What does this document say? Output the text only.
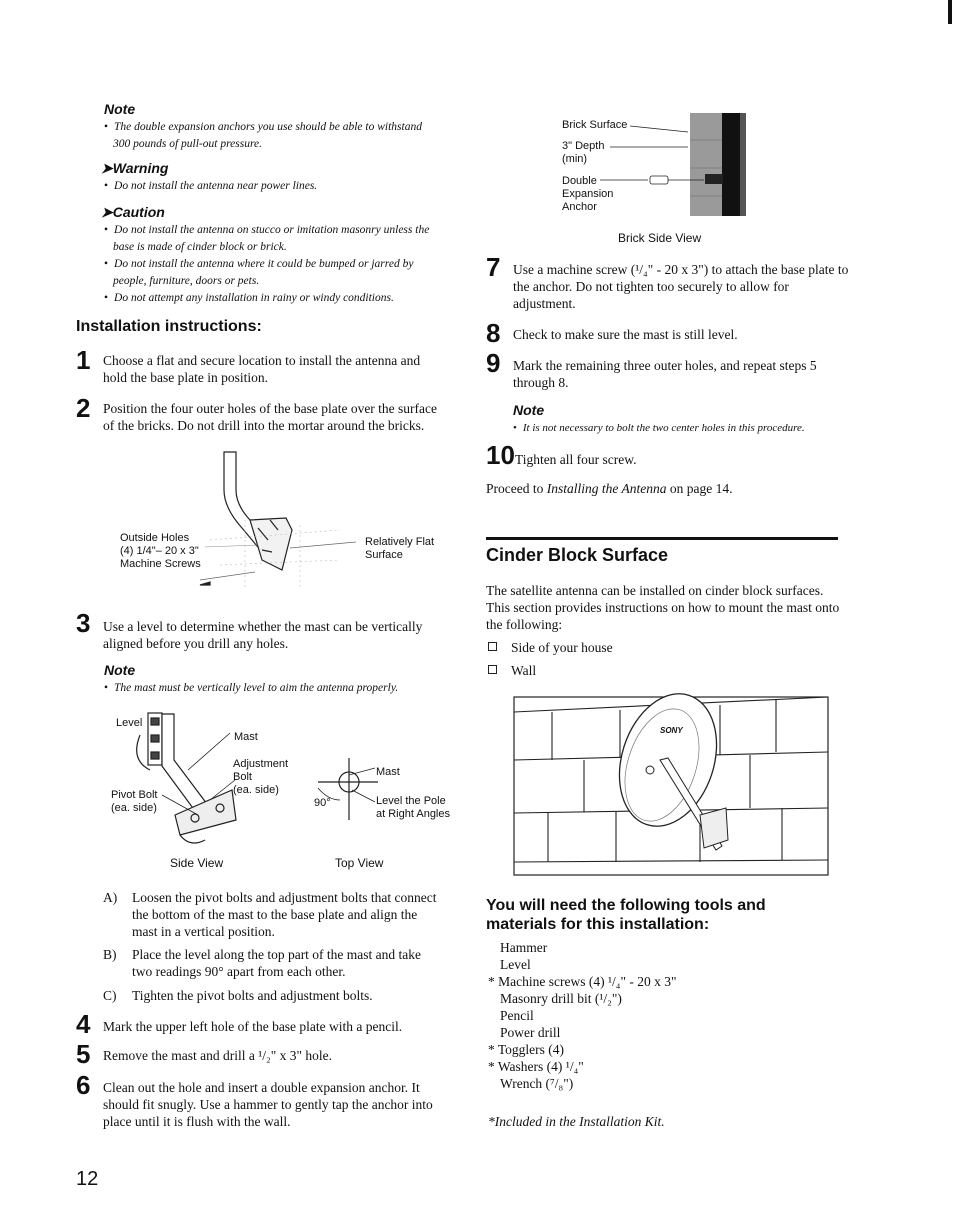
Note
• The double expansion anchors you use should be able to withstand
300 pounds of pull-out pressure.
➤Warning
• Do not install the antenna near power lines.
➤Caution
• Do not install the antenna on stucco or imitation masonry unless the
base is made of cinder block or brick.
• Do not install the antenna where it could be bumped or jarred by
people, furniture, doors or pets.
• Do not attempt any installation in rainy or windy conditions.
Installation instructions:
1 Choose a flat and secure location to install the antenna and
hold the base plate in position.
2 Position the four outer holes of the base plate over the surface
of the bricks. Do not drill into the mortar around the bricks.
Outside Holes
(4) 1/4"– 20 x 3"
Machine Screws
Relatively Flat
Surface
3 Use a level to determine whether the mast can be vertically
aligned before you drill any holes.
Note
• The mast must be vertically level to aim the antenna properly.
Level
Mast
Adjustment
Bolt
(ea. side)
Pivot Bolt
(ea. side)
Side View
Mast
90°	Level the Pole
at Right Angles
Top View
A) Loosen the pivot bolts and adjustment bolts that connect
the bottom of the mast to the base plate and align the
mast in a vertical position.
B) Place the level along the top part of the mast and take
two readings 90° apart from each other.
C) Tighten the pivot bolts and adjustment bolts.
4 Mark the upper left hole of the base plate with a pencil.
5 Remove the mast and drill a ¹/₂" x 3" hole.
6 Clean out the hole and insert a double expansion anchor. It
should fit snugly. Use a hammer to gently tap the anchor into
place until it is flush with the wall.
12
Brick Surface
3" Depth
(min)
Double
Expansion
Anchor
Brick Side View
7 Use a machine screw (¹/₄" - 20 x 3") to attach the base plate to
the anchor. Do not tighten too securely to allow for
adjustment.
8 Check to make sure the mast is still level.
9 Mark the remaining three outer holes, and repeat steps 5
through 8.
Note
• It is not necessary to bolt the two center holes in this procedure.
10Tighten all four screw.
Proceed to Installing the Antenna on page 14.
Cinder Block Surface
The satellite antenna can be installed on cinder block surfaces.
This section provides instructions on how to mount the mast onto
the following:
Side of your house
Wall
SONY
You will need the following tools and
materials for this installation:
Hammer
Level
* Machine screws (4) ¹/₄" - 20 x 3"
Masonry drill bit (¹/₂")
Pencil
Power drill
* Togglers (4)
* Washers (4) ¹/₄"
Wrench (⁷/₈")
*Included in the Installation Kit.
